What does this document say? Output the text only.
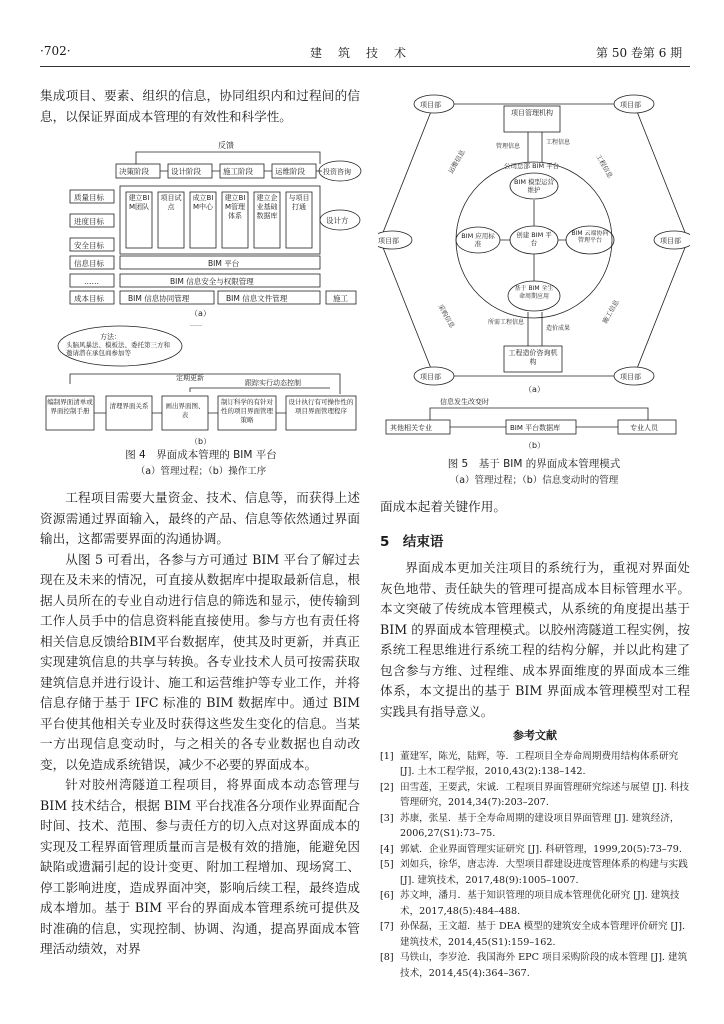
·702·	建　筑　技　术	第 50 卷第 6 期

集成项目、要素、组织的信息，协同组织内和过程间的信息，以保证界面成本管理的有效性和科学性。

反馈
决策阶段	设计阶段	施工阶段	运维阶段	投资咨询
质量目标
进度目标
安全目标
信息目标
……
成本目标
建立BIM团队
项目试点
成立BIM中心
建立BIM管理体系
建立企业基础数据库
与项目打通
设计方
BIM 平台
BIM 信息安全与权限管理
BIM 信息协同管理	BIM 信息文件管理	施工
（a）
……
方法：
头脑风暴法、模板法、委托第三方和邀请潜在承包商参加等
定期更新
跟踪实行动态控制
编制界面清单或界面控制手册
清理界面关系	画出界面图、表
制订科学的有针对性的项目界面管理策略
设计执行有可操作性的项目界面管理程序
（b）
图 4　界面成本管理的 BIM 平台
（a）管理过程；（b）操作工序

工程项目需要大量资金、技术、信息等，而获得上述资源需通过界面输入，最终的产品、信息等依然通过界面输出，这都需要界面的沟通协调。

从图 5 可看出，各参与方可通过 BIM 平台了解过去现在及未来的情况，可直接从数据库中提取最新信息，根据人员所在的专业自动进行信息的筛选和显示，使传输到工作人员手中的信息资料能直接使用。参与方也有责任将相关信息反馈给BIM平台数据库，使其及时更新，并真正实现建筑信息的共享与转换。各专业技术人员可按需获取建筑信息并进行设计、施工和运营维护等专业工作，并将信息存储于基于 IFC 标准的 BIM 数据库中。通过 BIM 平台使其他相关专业及时获得这些发生变化的信息。当某一方出现信息变动时，与之相关的各专业数据也自动改变，以免造成系统错误，减少不必要的界面成本。

针对胶州湾隧道工程项目，将界面成本动态管理与 BIM 技术结合，根据 BIM 平台找准各分项作业界面配合时间、技术、范围、参与责任方的切入点对这界面成本的实现及工程界面管理质量而言是极有效的措施，能避免因缺陷或遗漏引起的设计变更、附加工程增加、现场窝工、停工影响进度，造成界面冲突，影响后续工程，最终造成成本增加。基于 BIM 平台的界面成本管理系统可提供及时准确的信息，实现控制、协调、沟通，提高界面成本管理活动绩效，对界

项目部	项目部
项目部	项目部
项目部	项目部
项目管理机构
管理信息
工程信息
公司总部 BIM 平台
BIM 模型运营维护
创建 BIM 平台
BIM 应用标准
BIM 云端协同管理平台
基于 BIM 全生命周期应用
所需工程信息
造价成果
工程造价咨询机构
工程信息
运维信息
采购信息	施工信息
（a）
信息发生改变时
其他相关专业	BIM 平台数据库	专业人员
（b）
图 5　基于 BIM 的界面成本管理模式
（a）管理过程；（b）信息变动时的管理

面成本起着关键作用。

5　结束语

界面成本更加关注项目的系统行为，重视对界面处灰色地带、责任缺失的管理可提高成本目标管理水平。本文突破了传统成本管理模式，从系统的角度提出基于 BIM 的界面成本管理模式。以胶州湾隧道工程实例，按系统工程思维进行系统工程的结构分解，并以此构建了包含参与方维、过程维、成本界面维度的界面成本三维体系，本文提出的基于 BIM 界面成本管理模型对工程实践具有指导意义。

参考文献
[1] 董建军，陈光，陆辉，等．工程项目全寿命周期费用结构体系研究 [J]. 土木工程学报，2010,43(2):138–142.
[2] 田雪莲，王要武，宋诚．工程项目界面管理研究综述与展望 [J]. 科技管理研究，2014,34(7):203–207.
[3] 苏康，张星．基于全寿命周期的建设项目界面管理 [J]. 建筑经济，2006,27(S1):73–75.
[4] 郭斌．企业界面管理实证研究 [J]. 科研管理，1999,20(5):73–79.
[5] 刘如兵，徐华，唐志涛．大型项目群建设进度管理体系的构建与实践 [J]. 建筑技术，2017,48(9):1005–1007.
[6] 苏文坤，潘月．基于知识管理的项目成本管理优化研究 [J]. 建筑技术，2017,48(5):484–488.
[7] 孙保磊，王文超．基于 DEA 模型的建筑安全成本管理评价研究 [J]. 建筑技术，2014,45(S1):159–162.
[8] 马铁山，李岁沧．我国海外 EPC 项目采购阶段的成本管理 [J]. 建筑技术，2014,45(4):364–367.
